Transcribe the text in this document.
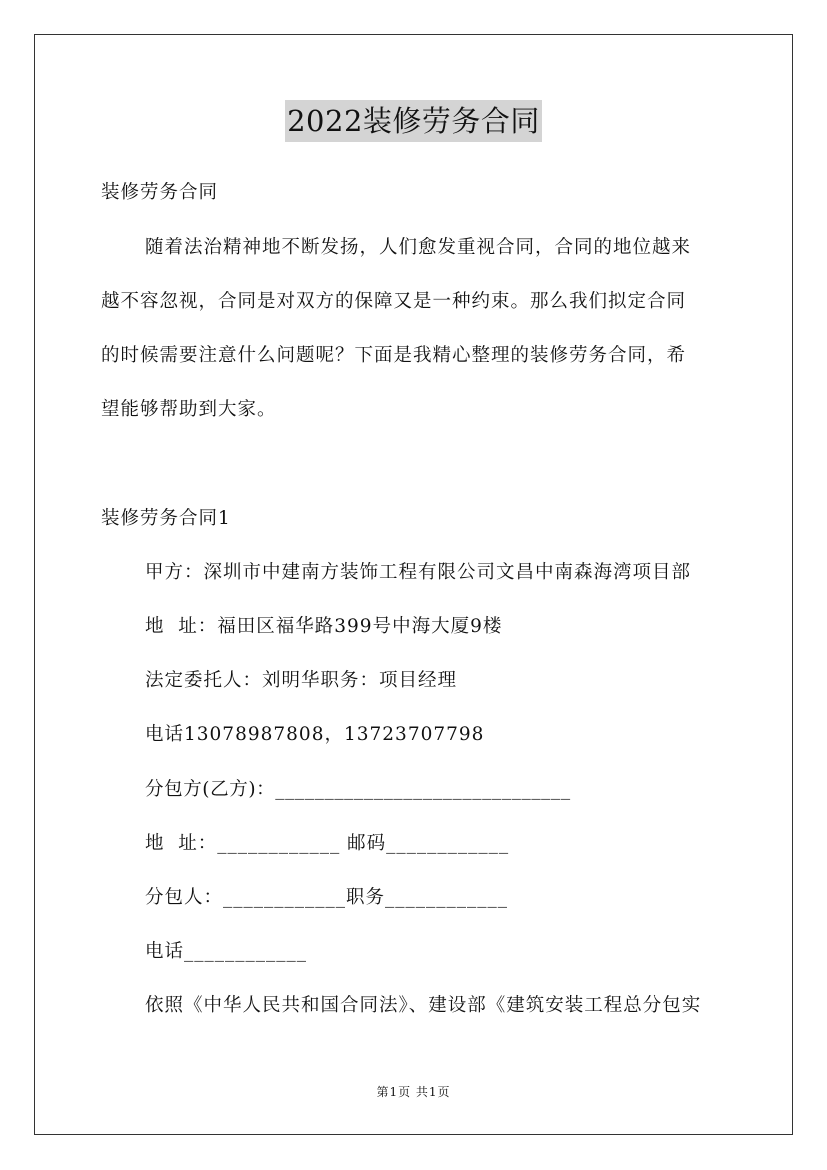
2022装修劳务合同
装修劳务合同
随着法治精神地不断发扬，人们愈发重视合同，合同的地位越来
越不容忽视，合同是对双方的保障又是一种约束。那么我们拟定合同
的时候需要注意什么问题呢？下面是我精心整理的装修劳务合同，希
望能够帮助到大家。
装修劳务合同1
甲方：深圳市中建南方装饰工程有限公司文昌中南森海湾项目部
地  址：福田区福华路399号中海大厦9楼
法定委托人：刘明华职务：项目经理
电话13078987808，13723707798
分包方(乙方)：______________________________
地  址：____________ 邮码____________
分包人：____________职务____________
电话____________
依照《中华人民共和国合同法》、建设部《建筑安装工程总分包实
第1页 共1页
